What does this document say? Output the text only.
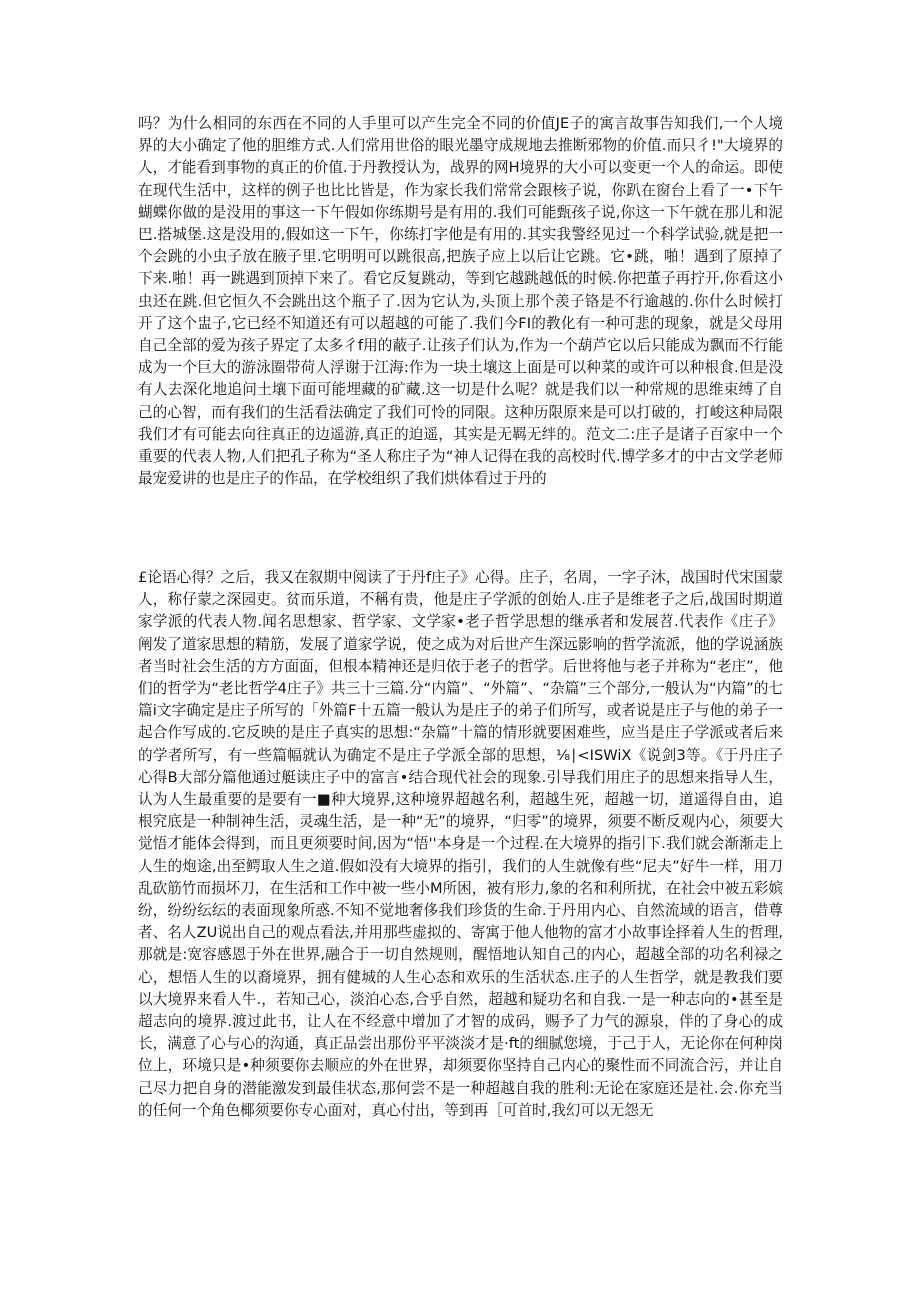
吗？为什么相同的东西在不同的人手里可以产生完全不同的价值JE子的寓言故事告知我们,一个人境界的大小确定了他的胆维方式.人们常用世俗的眼光墨守成规地去推断邪物的价值.而只彳!"大境界的人，才能看到事物的真正的价值.于丹教授认为，战界的网H境界的大小可以变更一个人的命运。即使在现代生活中，这样的例子也比比皆是，作为家长我们常常会跟核子说，你趴在窗台上看了一•下午蝴蝶你做的是没用的事这一下午假如你练期号是有用的.我们可能甄孩子说,你这一下午就在那儿和泥巴.搭城堡.这是没用的,假如这一下午，你练打字他是有用的.其实我警经见过一个科学试验,就是把一个会跳的小虫子放在腋子里.它明明可以跳很高,把族子应上以后让它跳。它•跳，啪！遇到了原掉了下来.啪！再一跳遇到顶掉下来了。看它反复跳动，等到它越跳越低的时候.你把董子再拧开,你看这小虫还在跳.但它恒久不会跳出这个瓶子了.因为它认为,头顶上那个羡子铬是不行逾越的.你什么时候打开了这个盅子,它已经不知道还有可以超越的可能了.我们今FI的教化有一种可悲的现象，就是父母用自己全部的爱为孩子界定了太多彳f用的蔽子.让孩子们认为,作为一个葫芦它以后只能成为飘而不行能成为一个巨大的游泳圈带荷人浮谢于江海:作为一块土壤这上面是可以种菜的或许可以种根食.但是没有人去深化地追问土壤下面可能埋藏的矿藏.这一切是什么呢？就是我们以一种常规的思维束缚了自己的心智，而有我们的生活看法确定了我们可怜的同限。这种历限原来是可以打破的，打峻这种局限我们才有可能去向往真正的边遥游,真正的迫遥，其实是无羁无绊的。范文二:庄子是诸子百家中一个重要的代表人物,人们把孔子称为“圣人称庄子为“神人记得在我的高校时代.博学多才的中古文学老师最宠爱讲的也是庄子的作品，在学校组织了我们烘体看过于丹的
£论语心得？之后，我又在叙期中阅读了于丹f庄子》心得。庄子，名周，一字子沐，战国时代宋国蒙人，称仔蒙之深园吏。贫而乐道，不稱有贵，他是庄子学派的创始人.庄子是维老子之后,战国时期道家学派的代表人物.闻名思想家、哲学家、文学家•老子哲学思想的继承者和发展苕.代表作《庄子》阐发了道家思想的精筋，发展了道家学说，使之成为对后世产生深远影响的哲学流派，他的学说涵族者当时社会生活的方方面面，但根本精神还是归依于老子的哲学。后世将他与老子并称为“老庄”，他们的哲学为“老比哲学4庄子》共三十三篇.分“内篇”、“外篇”、“杂篇”三个部分,一般认为“内篇”的七篇i文字确定是庄子所写的「外篇F十五篇一般认为是庄子的弟子们所写，或者说是庄子与他的弟子一起合作写成的.它反映的是庄子真实的思想:“杂篇”十篇的情形就要困难些，应当是庄子学派或者后来的学者所写，有一些篇幅就认为确定不是庄子学派全部的思想，⅛∣<ISWiX《说剑3等。《于丹庄子心得B大部分篇他通过艇读庄子中的富言•结合现代社会的现象.引导我们用庄子的思想来指导人生，认为人生最重要的是要有一■种大境界,这种境界超越名利，超越生死，超越一切，道遥得自由，追根究底是一种制神生活，灵魂生活，是一种“无”的境界，“归零”的境界，须要不断反观内心，须要大觉悟才能体会得到，而且更须要时间,因为“悟''本身是一个过程.在大境界的指引下.我们就会渐渐走上人生的炮途,出至鳄取人生之道.假如没有大境界的指引，我们的人生就像有些“尼夫”好牛一样，用刀乱砍筋竹而损坏刀，在生活和工作中被一些小M所困，被有形力,象的名和利所扰，在社会中被五彩嫔纷，纷纷纭纭的表面现象所惑.不知不觉地奢侈我们珍货的生命.于丹用内心、自然流域的语言，借尊者、名人ZU说出自己的观点看法,并用那些虚拟的、寄寓于他人他物的富才小故事诠择着人生的哲理,那就是:宽容感恩于外在世界,融合于一切自然规则，醒悟地认知自己的内心，超越全部的功名利禄之心，想悟人生的以裔境界，拥有健城的人生心态和欢乐的生活状态.庄子的人生哲学，就是教我们要以大境界来看人牛.，若知己心，淡泊心态,合乎自然，超越和疑功名和自我.一是一种志向的•甚至是超志向的境界.渡过此书，让人在不经意中增加了才智的成码，赐予了力气的源泉，伴的了身心的成长，满意了心与心的沟通，真正品尝出那份平平淡淡才是·ft的细腻您境，于己于人，无论你在何种岗位上，环境只是•种须要你去顺应的外在世界，却须要你坚持自己内心的聚性而不同流合污，并让自己尽力把自身的潜能激发到最佳状态,那何尝不是一种超越自我的胜利:无论在家庭还是社.会.你充当的任何一个角色椰须要你专心面对，真心付出，等到再［可首时,我幻可以无怨无
